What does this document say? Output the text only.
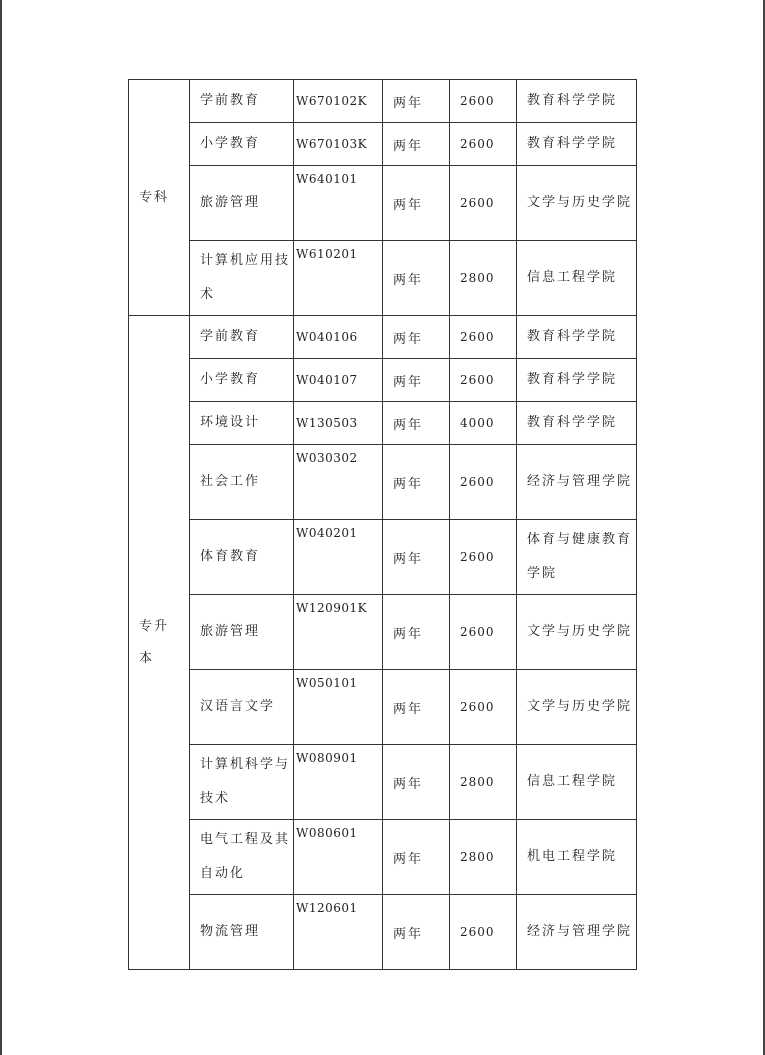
专科	学前教育	W670102K	两年	2600	教育科学学院
	小学教育	W670103K	两年	2600	教育科学学院
	旅游管理	W640101	两年	2600	文学与历史学院
	计算机应用技术	W610201	两年	2800	信息工程学院

专升本	学前教育	W040106	两年	2600	教育科学学院
	小学教育	W040107	两年	2600	教育科学学院
	环境设计	W130503	两年	4000	教育科学学院
	社会工作	W030302	两年	2600	经济与管理学院
	体育教育	W040201	两年	2600	体育与健康教育学院
	旅游管理	W120901K	两年	2600	文学与历史学院
	汉语言文学	W050101	两年	2600	文学与历史学院
	计算机科学与技术	W080901	两年	2800	信息工程学院
	电气工程及其自动化	W080601	两年	2800	机电工程学院
	物流管理	W120601	两年	2600	经济与管理学院
